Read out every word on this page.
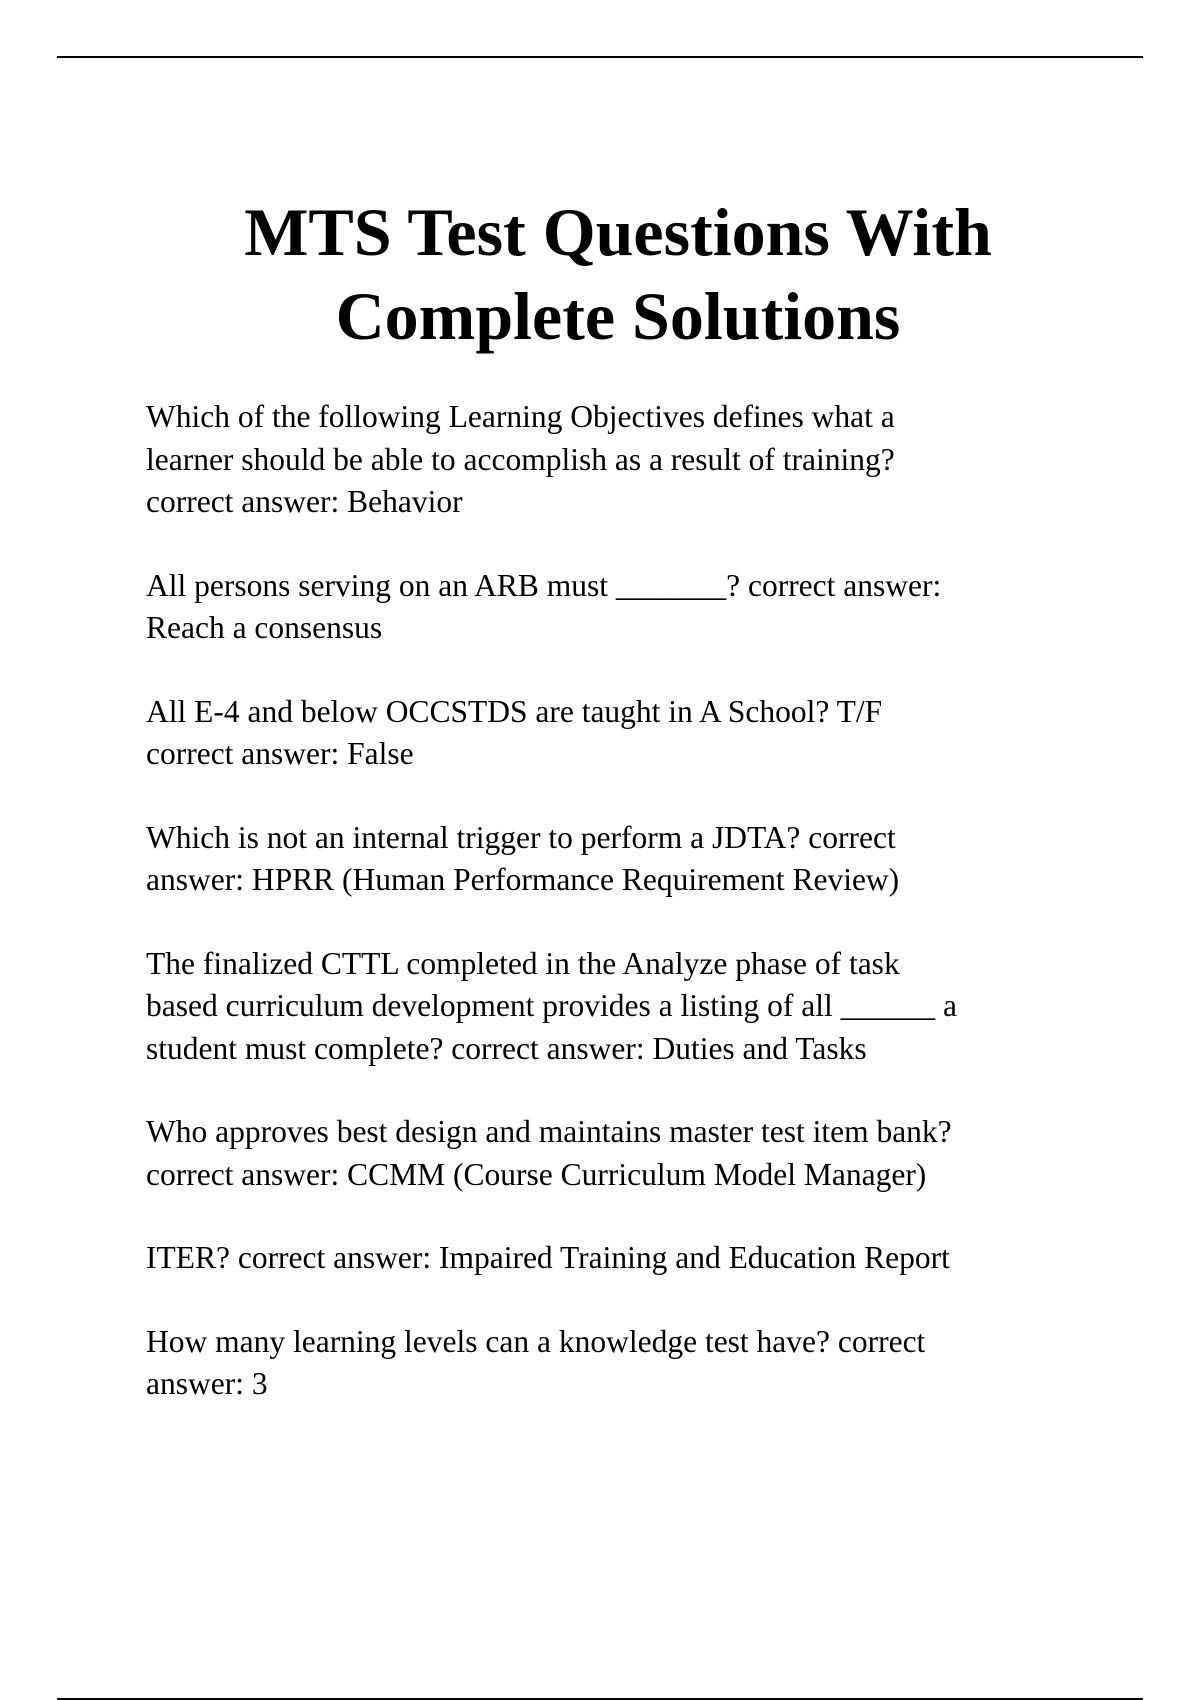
MTS Test Questions With
Complete Solutions
Which of the following Learning Objectives defines what a
learner should be able to accomplish as a result of training?
correct answer: Behavior
All persons serving on an ARB must _______? correct answer:
Reach a consensus
All E-4 and below OCCSTDS are taught in A School? T/F
correct answer: False
Which is not an internal trigger to perform a JDTA? correct
answer: HPRR (Human Performance Requirement Review)
The finalized CTTL completed in the Analyze phase of task
based curriculum development provides a listing of all ______ a
student must complete? correct answer: Duties and Tasks
Who approves best design and maintains master test item bank?
correct answer: CCMM (Course Curriculum Model Manager)
ITER? correct answer: Impaired Training and Education Report
How many learning levels can a knowledge test have? correct
answer: 3
